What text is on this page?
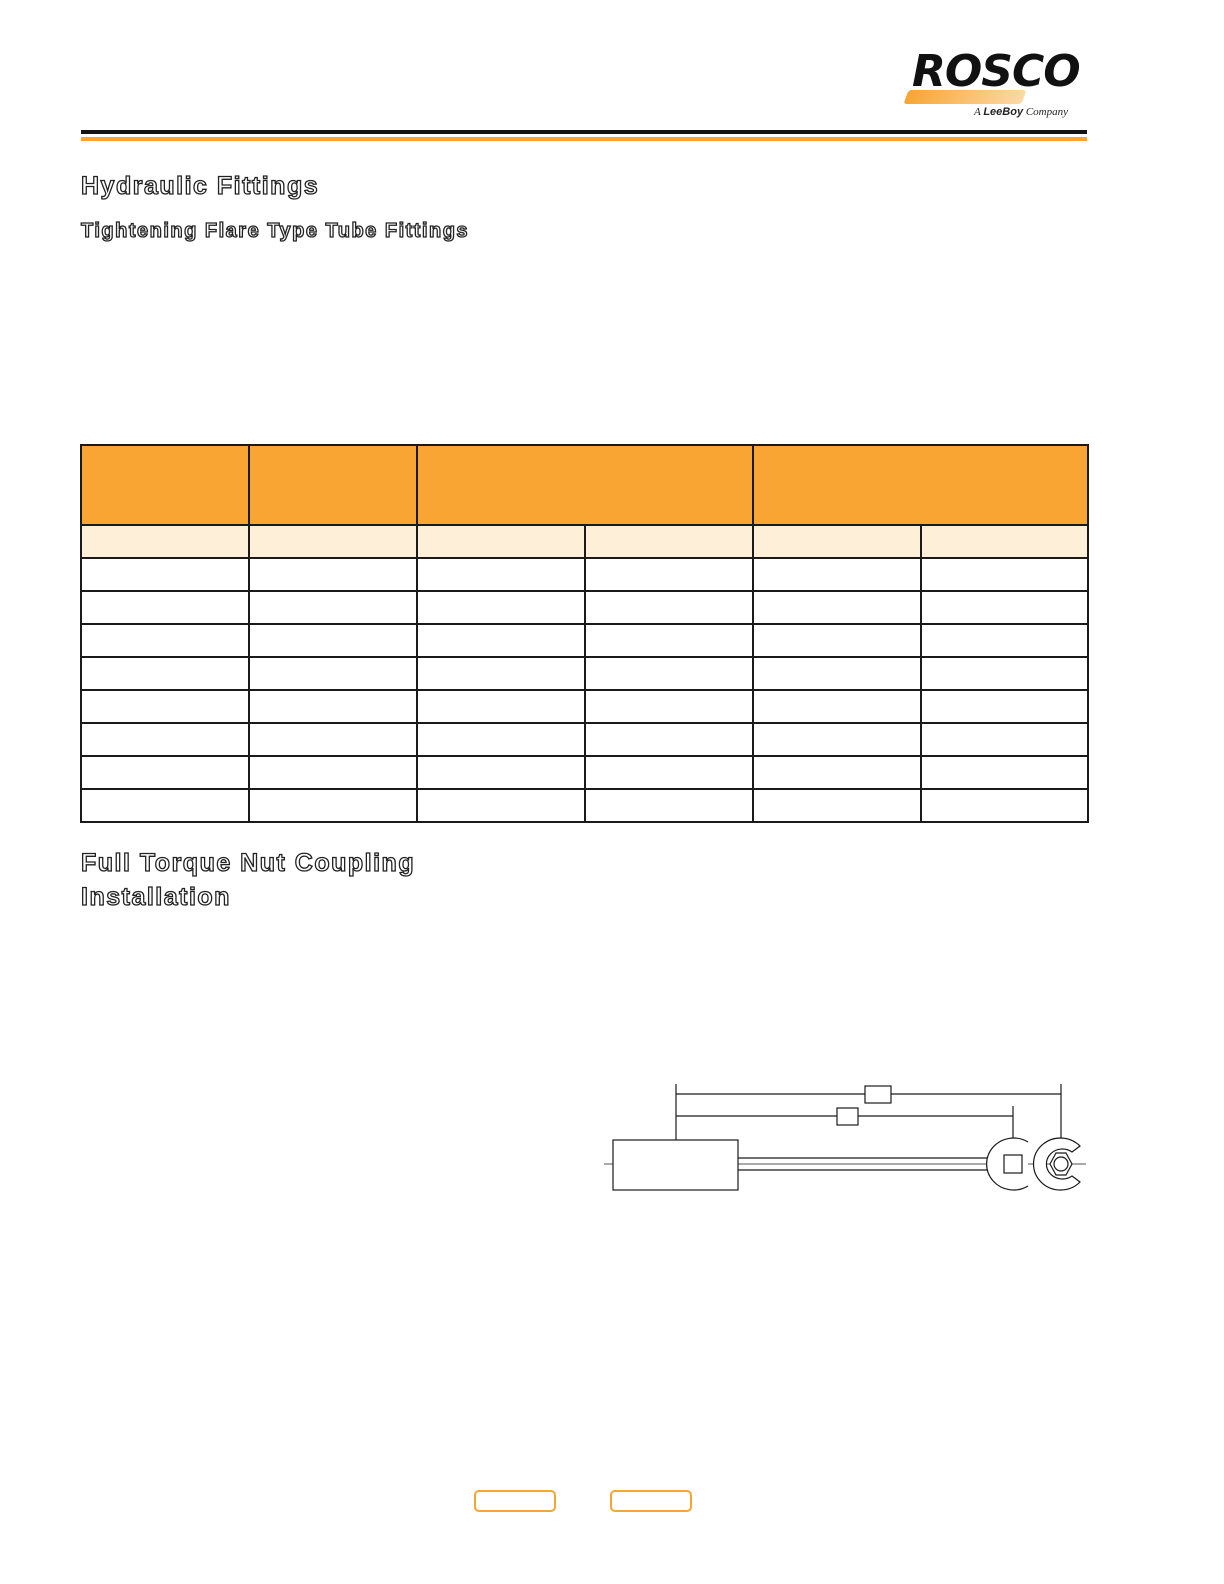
ROSCO
A LeeBoy Company
Hydraulic Fittings
Tightening Flare Type Tube Fittings

Full Torque Nut Coupling
Installation
